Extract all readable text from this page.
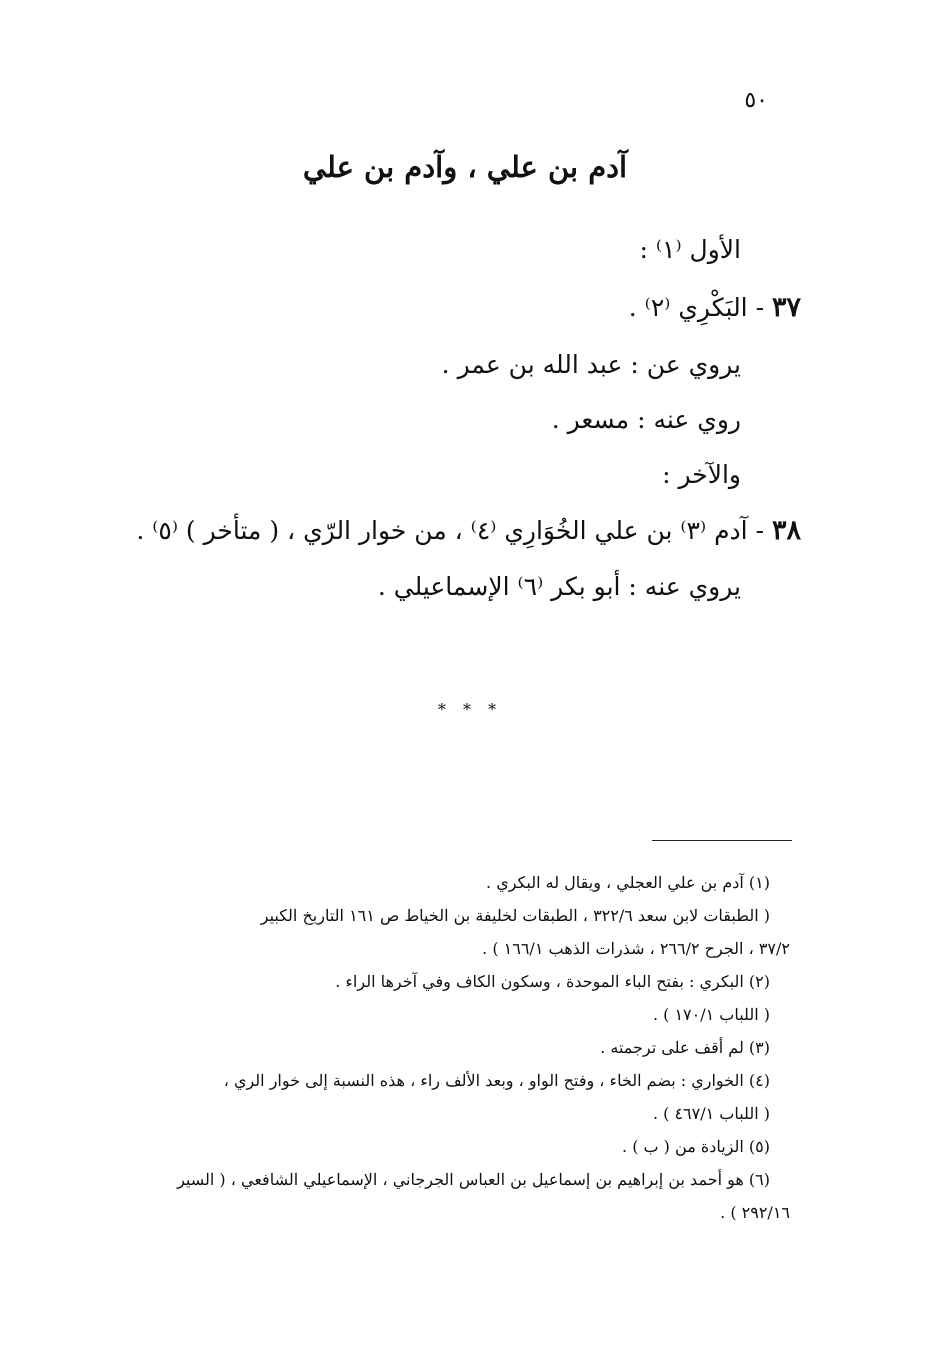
٥٠
آدم بن علي ، وآدم بن علي
الأول ⁽١⁾ :
٣٧ - البَكْرِي ⁽٢⁾ .
يروي عن : عبد الله بن عمر .
روي عنه : مسعر .
والآخر :
٣٨ - آدم ⁽٣⁾ بن علي الخُوَارِي ⁽٤⁾ ، من خوار الرّي ، ( متأخر ) ⁽٥⁾ .
يروي عنه : أبو بكر ⁽٦⁾ الإسماعيلي .
* * *
(١) آدم بن علي العجلي ، ويقال له البكري .
( الطبقات لابن سعد ٣٢٢/٦ ، الطبقات لخليفة بن الخياط ص ١٦١ التاريخ الكبير
٣٧/٢ ، الجرح ٢٦٦/٢ ، شذرات الذهب ١٦٦/١ ) .
(٢) البكري : بفتح الباء الموحدة ، وسكون الكاف وفي آخرها الراء .
( اللباب ١٧٠/١ ) .
(٣) لم أقف على ترجمته .
(٤) الخواري : بضم الخاء ، وفتح الواو ، وبعد الألف راء ، هذه النسبة إلى خوار الري ،
( اللباب ٤٦٧/١ ) .
(٥) الزيادة من ( ب ) .
(٦) هو أحمد بن إبراهيم بن إسماعيل بن العباس الجرجاني ، الإسماعيلي الشافعي ، ( السير
٢٩٢/١٦ ) .
